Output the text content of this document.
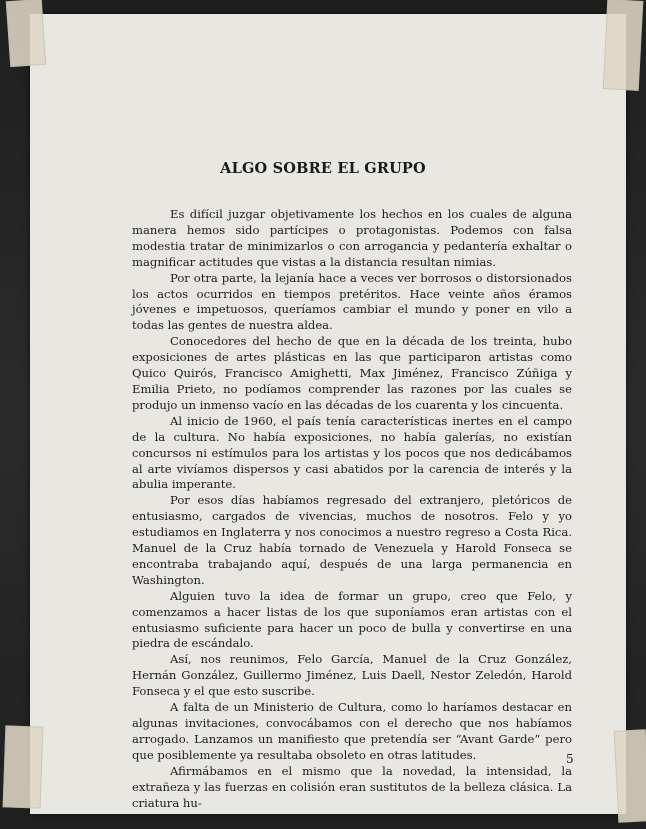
ALGO SOBRE EL GRUPO

Es difícil juzgar objetivamente los hechos en los cuales de alguna manera hemos sido partícipes o protagonistas. Podemos con falsa modestia tratar de minimizarlos o con arrogancia y pedantería exhaltar o magnificar actitudes que vistas a la distancia resultan nimias.

Por otra parte, la lejanía hace a veces ver borrosos o distorsionados los actos ocurridos en tiempos pretéritos. Hace veinte años éramos jóvenes e impetuosos, queríamos cambiar el mundo y poner en vilo a todas las gentes de nuestra aldea.

Conocedores del hecho de que en la década de los treinta, hubo exposiciones de artes plásticas en las que participaron artistas como Quico Quirós, Francisco Amighetti, Max Jiménez, Francisco Zúñiga y Emilia Prieto, no podíamos comprender las razones por las cuales se produjo un inmenso vacío en las décadas de los cuarenta y los cincuenta.

Al inicio de 1960, el país tenía características inertes en el campo de la cultura. No había exposiciones, no había galerías, no existían concursos ni estímulos para los artistas y los pocos que nos dedicábamos al arte vivíamos dispersos y casi abatidos por la carencia de interés y la abulia imperante.

Por esos días habíamos regresado del extranjero, pletóricos de entusiasmo, cargados de vivencias, muchos de nosotros. Felo y yo estudiamos en Inglaterra y nos conocimos a nuestro regreso a Costa Rica. Manuel de la Cruz había tornado de Venezuela y Harold Fonseca se encontraba trabajando aquí, después de una larga permanencia en Washington.

Alguien tuvo la idea de formar un grupo, creo que Felo, y comenzamos a hacer listas de los que suponíamos eran artistas con el entusiasmo suficiente para hacer un poco de bulla y convertirse en una piedra de escándalo.

Así, nos reunimos, Felo García, Manuel de la Cruz González, Hernán González, Guillermo Jiménez, Luis Daell, Nestor Zeledón, Harold Fonseca y el que esto suscribe.

A falta de un Ministerio de Cultura, como lo haríamos destacar en algunas invitaciones, convocábamos con el derecho que nos habíamos arrogado. Lanzamos un manifiesto que pretendía ser “Avant Garde” pero que posiblemente ya resultaba obsoleto en otras latitudes.

Afirmábamos en el mismo que la novedad, la intensidad, la extrañeza y las fuerzas en colisión eran sustitutos de la belleza clásica. La criatura hu-

5
